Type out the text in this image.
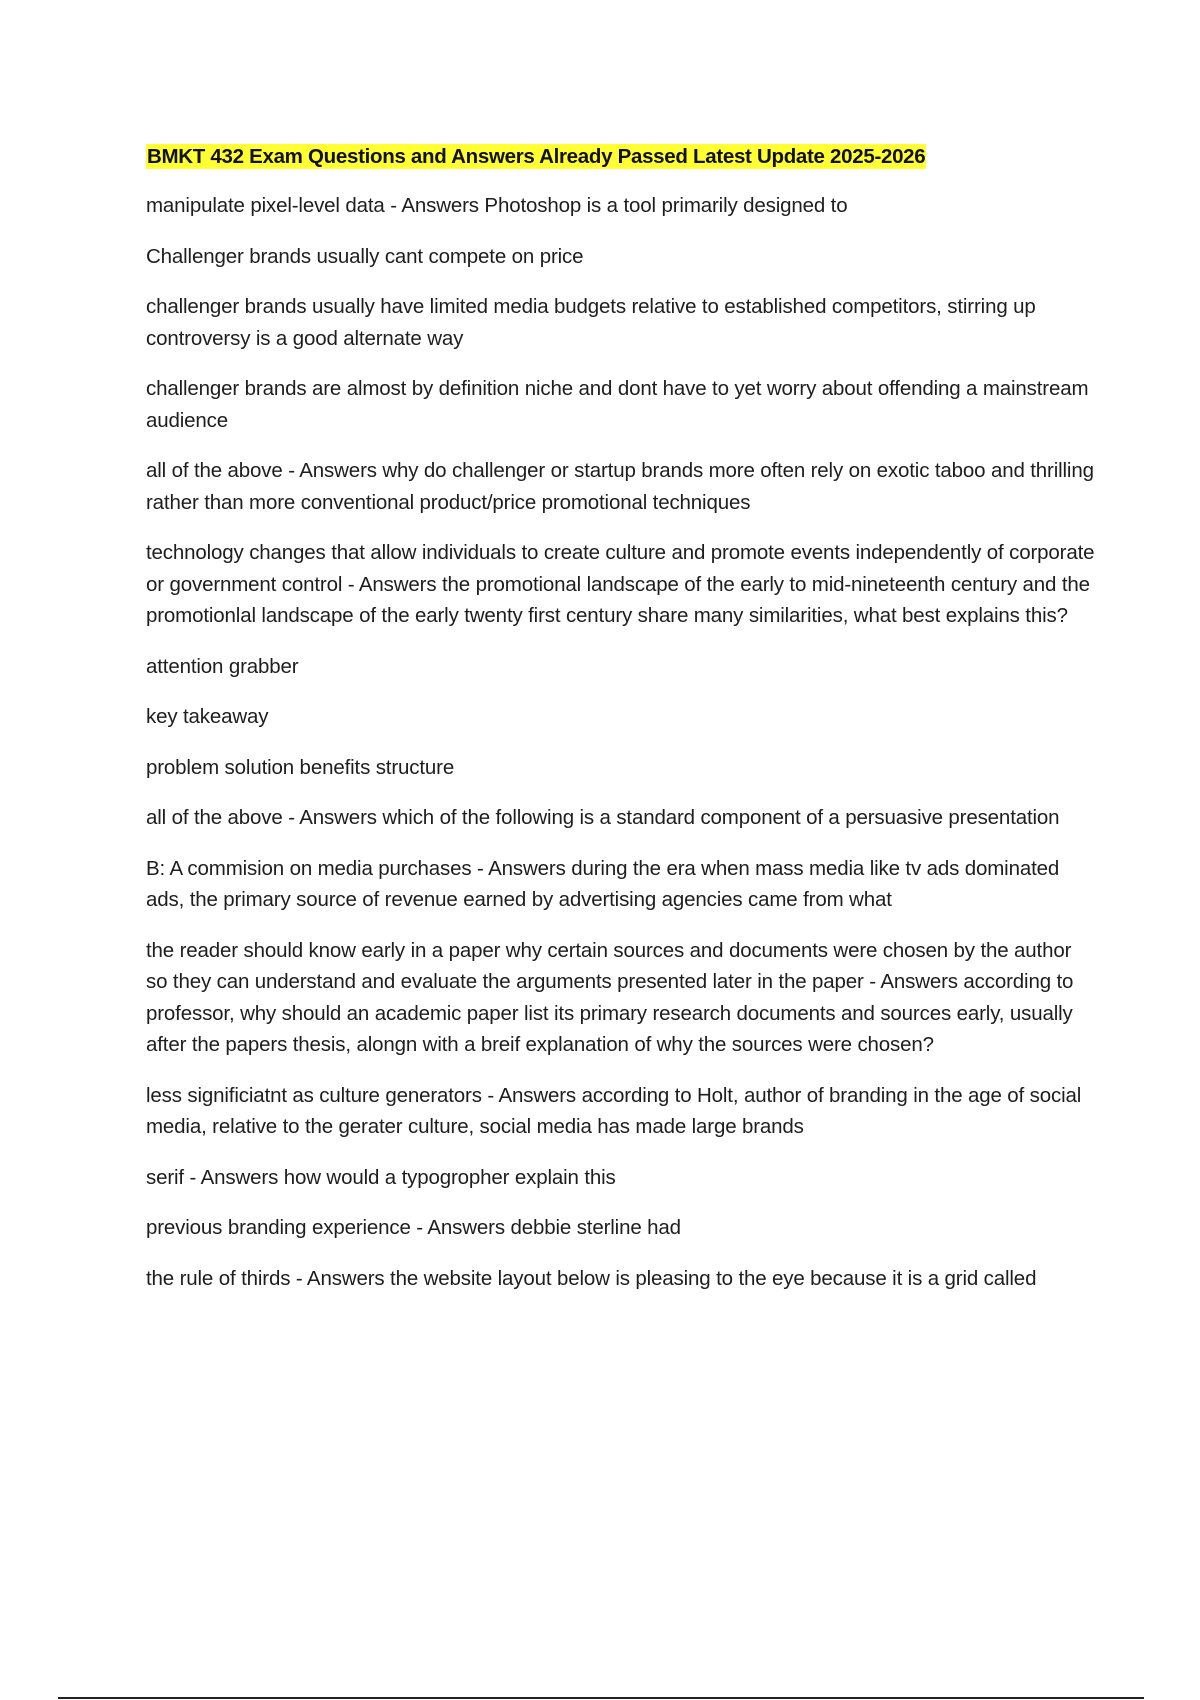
BMKT 432 Exam Questions and Answers Already Passed Latest Update 2025-2026

manipulate pixel-level data - Answers Photoshop is a tool primarily designed to

Challenger brands usually cant compete on price

challenger brands usually have limited media budgets relative to established competitors, stirring up controversy is a good alternate way

challenger brands are almost by definition niche and dont have to yet worry about offending a mainstream audience

all of the above - Answers why do challenger or startup brands more often rely on exotic taboo and thrilling rather than more conventional product/price promotional techniques

technology changes that allow individuals to create culture and promote events independently of corporate or government control - Answers the promotional landscape of the early to mid-nineteenth century and the promotionlal landscape of the early twenty first century share many similarities, what best explains this?

attention grabber

key takeaway

problem solution benefits structure

all of the above - Answers which of the following is a standard component of a persuasive presentation

B: A commision on media purchases - Answers during the era when mass media like tv ads dominated ads, the primary source of revenue earned by advertising agencies came from what

the reader should know early in a paper why certain sources and documents were chosen by the author so they can understand and evaluate the arguments presented later in the paper - Answers according to professor, why should an academic paper list its primary research documents and sources early, usually after the papers thesis, alongn with a breif explanation of why the sources were chosen?

less significiatnt as culture generators - Answers according to Holt, author of branding in the age of social media, relative to the gerater culture, social media has made large brands

serif - Answers how would a typogropher explain this

previous branding experience - Answers debbie sterline had

the rule of thirds - Answers the website layout below is pleasing to the eye because it is a grid called
